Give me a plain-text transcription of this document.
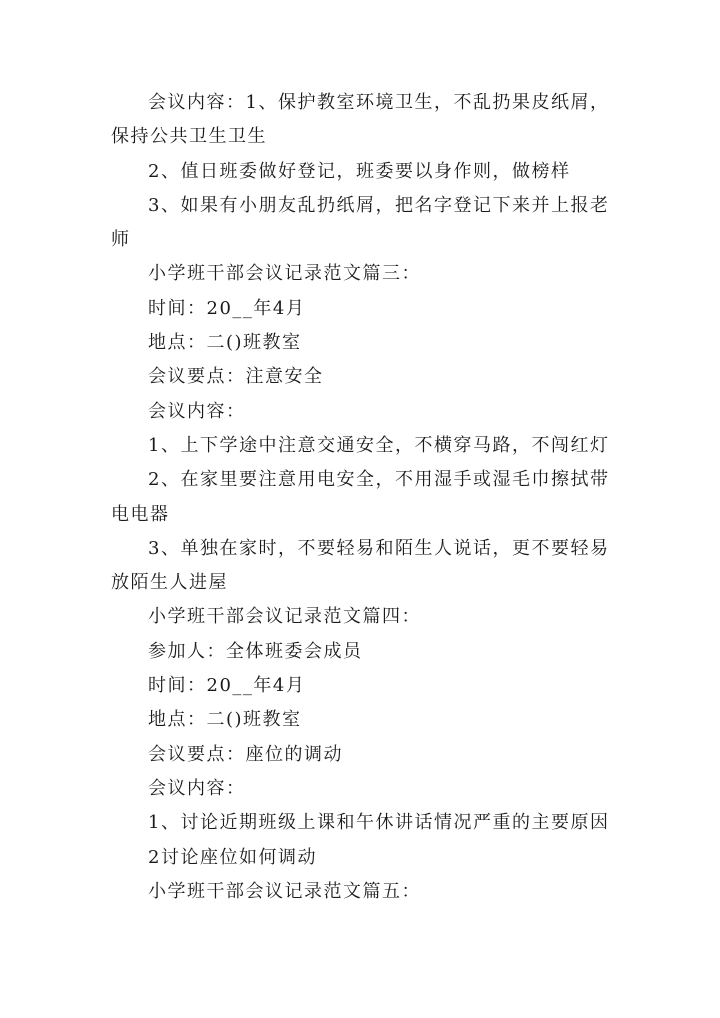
会议内容：1、保护教室环境卫生，不乱扔果皮纸屑，
保持公共卫生卫生
2、值日班委做好登记，班委要以身作则，做榜样
3、如果有小朋友乱扔纸屑，把名字登记下来并上报老
师
小学班干部会议记录范文篇三：
时间：20__年4月
地点：二()班教室
会议要点：注意安全
会议内容：
1、上下学途中注意交通安全，不横穿马路，不闯红灯
2、在家里要注意用电安全，不用湿手或湿毛巾擦拭带
电电器
3、单独在家时，不要轻易和陌生人说话，更不要轻易
放陌生人进屋
小学班干部会议记录范文篇四：
参加人：全体班委会成员
时间：20__年4月
地点：二()班教室
会议要点：座位的调动
会议内容：
1、讨论近期班级上课和午休讲话情况严重的主要原因
2讨论座位如何调动
小学班干部会议记录范文篇五：
